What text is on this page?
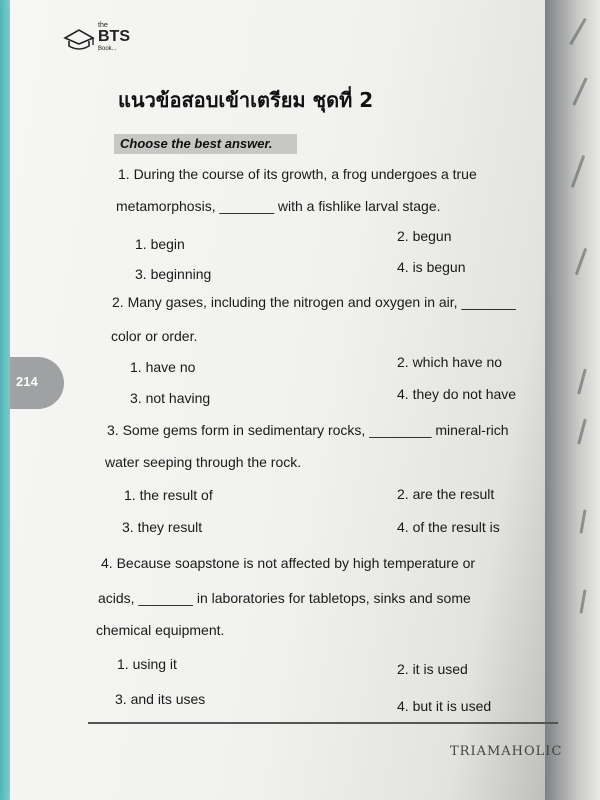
the
BTS
Book...
แนวข้อสอบเข้าเตรียม ชุดที่ 2
Choose the best answer.
214
1. During the course of its growth, a frog undergoes a true
metamorphosis, _______ with a fishlike larval stage.
1. begin	2. begun
3. beginning	4. is begun
2. Many gases, including the nitrogen and oxygen in air, _______
color or order.
1. have no	2. which have no
3. not having	4. they do not have
3. Some gems form in sedimentary rocks, ________ mineral-rich
water seeping through the rock.
1. the result of	2. are the result
3. they result	4. of the result is
4. Because soapstone is not affected by high temperature or
acids, _______ in laboratories for tabletops, sinks and some
chemical equipment.
1. using it	2. it is used
3. and its uses	4. but it is used
TRIAMAHOLIC
